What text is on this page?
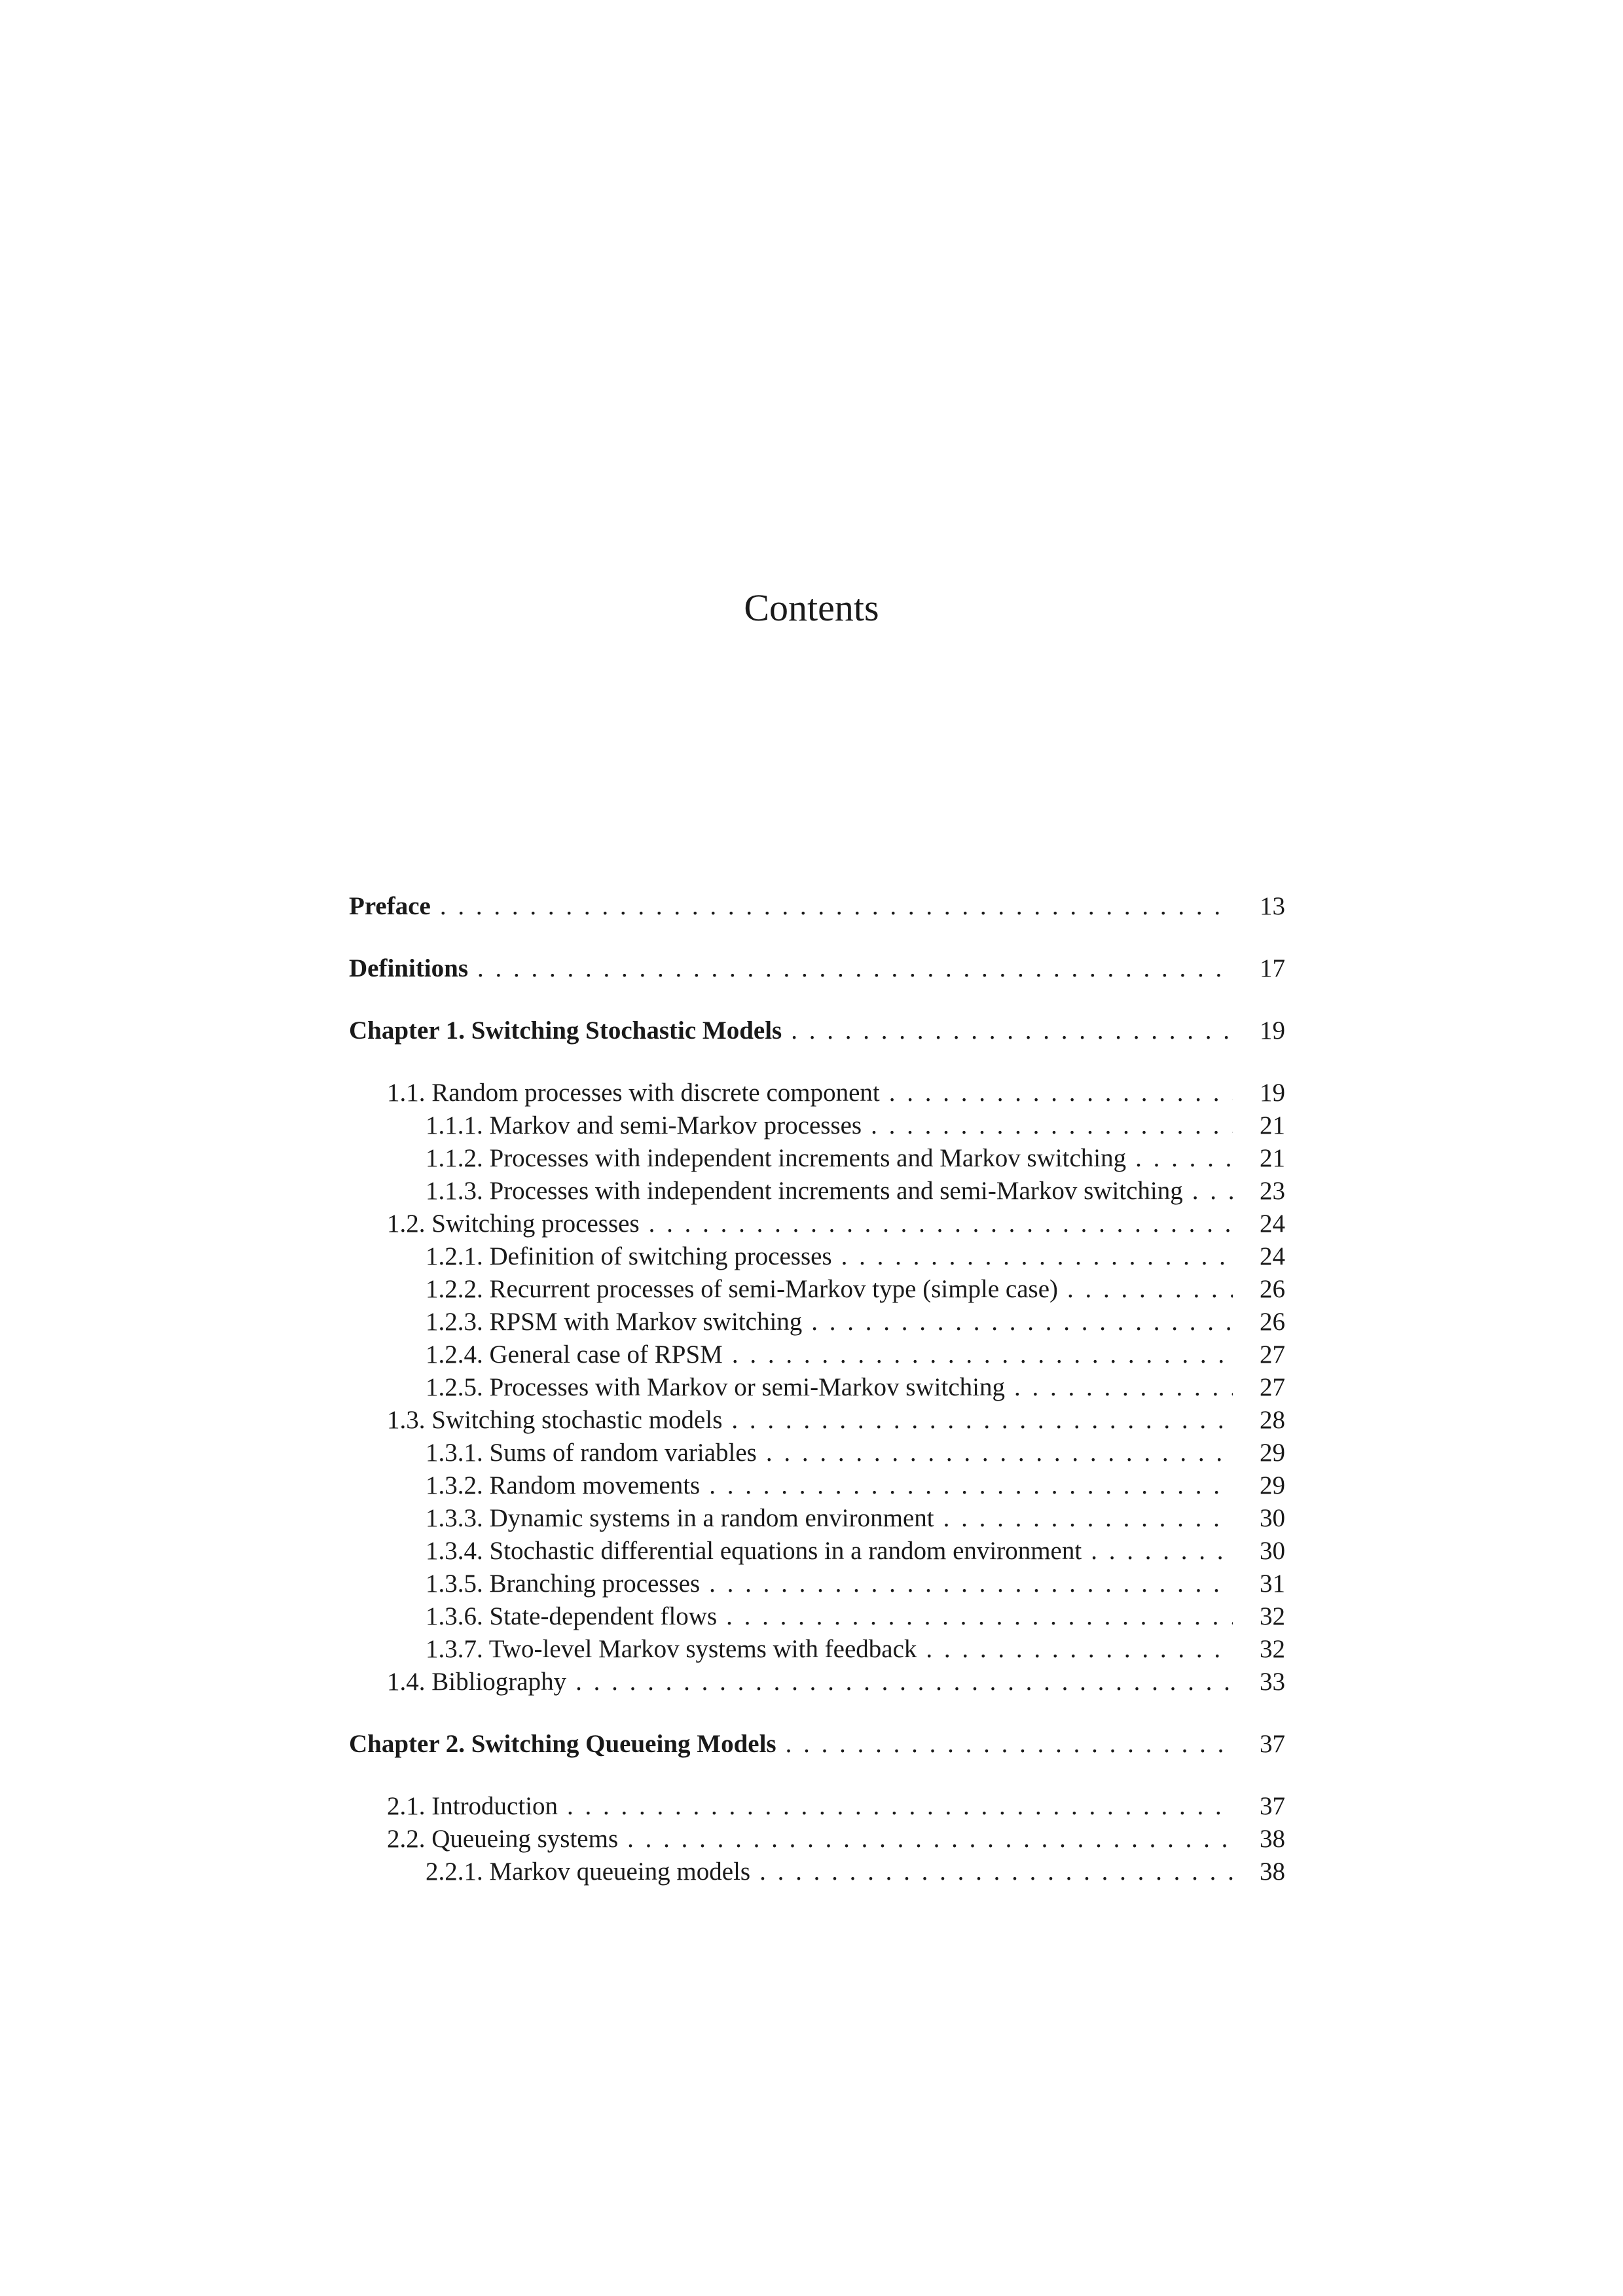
Contents
Preface . . .	13
Definitions . . .	17
Chapter 1. Switching Stochastic Models . . .	19
1.1. Random processes with discrete component . . .	19
1.1.1. Markov and semi-Markov processes . . .	21
1.1.2. Processes with independent increments and Markov switching . . .	21
1.1.3. Processes with independent increments and semi-Markov switching . . .	23
1.2. Switching processes . . .	24
1.2.1. Definition of switching processes . . .	24
1.2.2. Recurrent processes of semi-Markov type (simple case) . . .	26
1.2.3. RPSM with Markov switching . . .	26
1.2.4. General case of RPSM . . .	27
1.2.5. Processes with Markov or semi-Markov switching . . .	27
1.3. Switching stochastic models . . .	28
1.3.1. Sums of random variables . . .	29
1.3.2. Random movements . . .	29
1.3.3. Dynamic systems in a random environment . . .	30
1.3.4. Stochastic differential equations in a random environment . . .	30
1.3.5. Branching processes . . .	31
1.3.6. State-dependent flows . . .	32
1.3.7. Two-level Markov systems with feedback . . .	32
1.4. Bibliography . . .	33
Chapter 2. Switching Queueing Models . . .	37
2.1. Introduction . . .	37
2.2. Queueing systems . . .	38
2.2.1. Markov queueing models . . .	38
